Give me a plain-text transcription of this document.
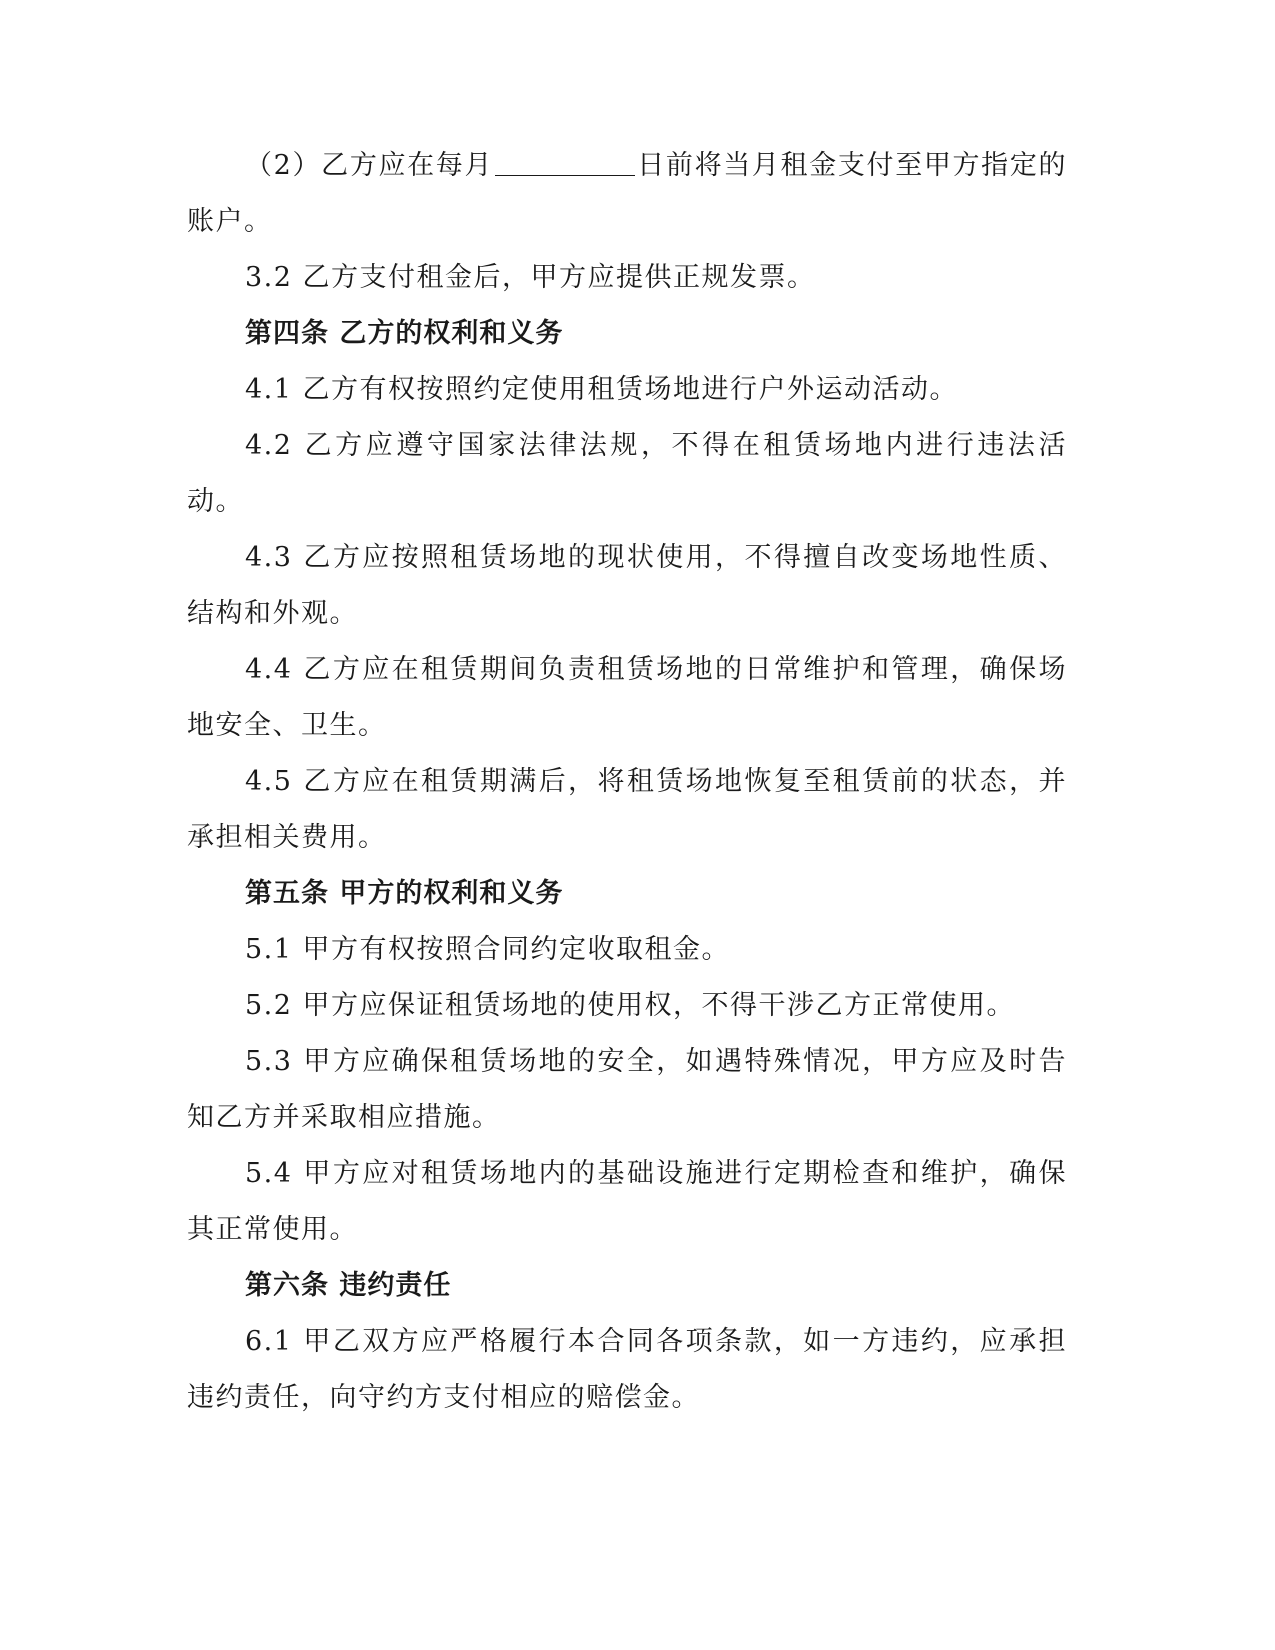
（2）乙方应在每月	日前将当月租金支付至甲方指定的账户。

3.2 乙方支付租金后，甲方应提供正规发票。

第四条 乙方的权利和义务

4.1 乙方有权按照约定使用租赁场地进行户外运动活动。

4.2 乙方应遵守国家法律法规，不得在租赁场地内进行违法活动。

4.3 乙方应按照租赁场地的现状使用，不得擅自改变场地性质、结构和外观。

4.4 乙方应在租赁期间负责租赁场地的日常维护和管理，确保场地安全、卫生。

4.5 乙方应在租赁期满后，将租赁场地恢复至租赁前的状态，并承担相关费用。

第五条 甲方的权利和义务

5.1 甲方有权按照合同约定收取租金。

5.2 甲方应保证租赁场地的使用权，不得干涉乙方正常使用。

5.3 甲方应确保租赁场地的安全，如遇特殊情况，甲方应及时告知乙方并采取相应措施。

5.4 甲方应对租赁场地内的基础设施进行定期检查和维护，确保其正常使用。

第六条 违约责任

6.1 甲乙双方应严格履行本合同各项条款，如一方违约，应承担违约责任，向守约方支付相应的赔偿金。
